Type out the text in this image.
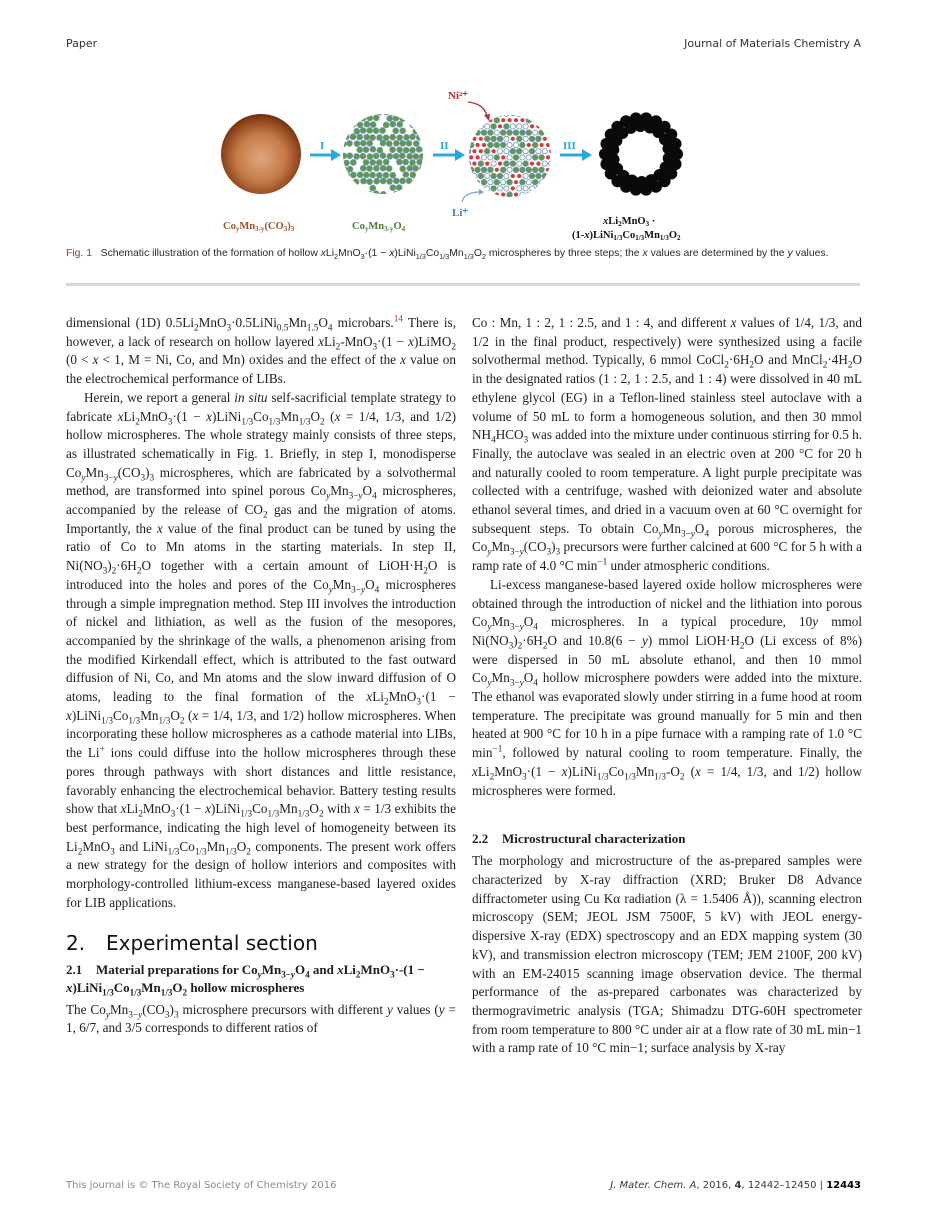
Paper	Journal of Materials Chemistry A
I	II
Ni²⁺
Li⁺
III
CoyMn3-y(CO3)3	CoyMn3-yO4
xLi2MnO3 ·
(1-x)LiNi1/3Co1/3Mn1/3O2
Fig. 1 Schematic illustration of the formation of hollow $xLi_2MnO_3\cdot(1 - x)LiNi_{1/3}Co_{1/3}Mn_{1/3}O_2$ microspheres by three steps; the x values are determined by the y values.

dimensional (1D) $0.5Li_2MnO_3\cdot 0.5LiNi_{0.5}Mn_{1.5}O_4$ microbars.$^{14}$ There is, however, a lack of research on hollow layered xLi$_2$-MnO$_3$·(1 − x)LiMO$_2$ (0 < x < 1, M = Ni, Co, and Mn) oxides and the effect of the x value on the electrochemical performance of LIBs.

Herein, we report a general in situ self-sacrificial template strategy to fabricate $xLi_2MnO_3\cdot(1 - x)LiNi_{1/3}Co_{1/3}Mn_{1/3}O_2$ (x = 1/4, 1/3, and 1/2) hollow microspheres. The whole strategy mainly consists of three steps, as illustrated schematically in Fig. 1. Briefly, in step I, monodisperse $Co_yMn_{3-y}(CO_3)_3$ microspheres, which are fabricated by a solvothermal method, are transformed into spinel porous $Co_yMn_{3-y}O_4$ microspheres, accompanied by the release of $CO_2$ gas and the migration of atoms. Importantly, the x value of the final product can be tuned by using the ratio of Co to Mn atoms in the starting materials. In step II, $Ni(NO_3)_2\cdot 6H_2O$ together with a certain amount of $LiOH\cdot H_2O$ is introduced into the holes and pores of the $Co_yMn_{3-y}O_4$ microspheres through a simple impregnation method. Step III involves the introduction of nickel and lithiation, as well as the fusion of the mesopores, accompanied by the shrinkage of the walls, a phenomenon arising from the modified Kirkendall effect, which is attributed to the fast outward diffusion of Ni, Co, and Mn atoms and the slow inward diffusion of O atoms, leading to the final formation of the $xLi_2MnO_3\cdot(1 - x)LiNi_{1/3}Co_{1/3}Mn_{1/3}O_2$ (x = 1/4, 1/3, and 1/2) hollow microspheres. When incorporating these hollow microspheres as a cathode material into LIBs, the Li+ ions could diffuse into the hollow microspheres through these pores through pathways with short distances and little resistance, favorably enhancing the electrochemical behavior. Battery testing results show that $xLi_2MnO_3\cdot(1 - x)LiNi_{1/3}Co_{1/3}Mn_{1/3}O_2$ with x = 1/3 exhibits the best performance, indicating the high level of homogeneity between its $Li_2MnO_3$ and $LiNi_{1/3}Co_{1/3}Mn_{1/3}O_2$ components. The present work offers a new strategy for the design of hollow interiors and composites with morphology-controlled lithium-excess manganese-based layered oxides for LIB applications.

2. Experimental section
2.1 Material preparations for $Co_yMn_{3-y}O_4$ and $xLi_2MnO_3\cdot-(1 - x)LiNi_{1/3}Co_{1/3}Mn_{1/3}O_2$ hollow microspheres

The $Co_yMn_{3-y}(CO_3)_3$ microsphere precursors with different y values (y = 1, 6/7, and 3/5 corresponds to different ratios of

Co : Mn, 1 : 2, 1 : 2.5, and 1 : 4, and different x values of 1/4, 1/3, and 1/2 in the final product, respectively) were synthesized using a facile solvothermal method. Typically, 6 mmol $CoCl_2\cdot 6H_2O$ and $MnCl_2\cdot 4H_2O$ in the designated ratios (1 : 2, 1 : 2.5, and 1 : 4) were dissolved in 40 mL ethylene glycol (EG) in a Teflon-lined stainless steel autoclave with a volume of 50 mL to form a homogeneous solution, and then 30 mmol $NH_4HCO_3$ was added into the mixture under continuous stirring for 0.5 h. Finally, the autoclave was sealed in an electric oven at 200 °C for 20 h and naturally cooled to room temperature. A light purple precipitate was collected with a centrifuge, washed with deionized water and absolute ethanol several times, and dried in a vacuum oven at 60 °C overnight for subsequent steps. To obtain $Co_yMn_{3-y}O_4$ porous microspheres, the $Co_yMn_{3-y}(CO_3)_3$ precursors were further calcined at 600 °C for 5 h with a ramp rate of 4.0 °C $\min^{-1}$ under atmospheric conditions.

Li-excess manganese-based layered oxide hollow microspheres were obtained through the introduction of nickel and the lithiation into porous $Co_yMn_{3-y}O_4$ microspheres. In a typical procedure, 10y mmol $Ni(NO_3)_2\cdot 6H_2O$ and 10.8(6 − y) mmol $LiOH\cdot H_2O$ (Li excess of 8%) were dispersed in 50 mL absolute ethanol, and then 10 mmol $Co_yMn_{3-y}O_4$ hollow microsphere powders were added into the mixture. The ethanol was evaporated slowly under stirring in a fume hood at room temperature. The precipitate was ground manually for 5 min and then heated at 900 °C for 10 h in a pipe furnace with a ramping rate of 1.0 °C $\min^{-1}$, followed by natural cooling to room temperature. Finally, the $xLi_2MnO_3\cdot(1 - x)LiNi_{1/3}Co_{1/3}Mn_{1/3}-O_2$ (x = 1/4, 1/3, and 1/2) hollow microspheres were formed.

2.2 Microstructural characterization

The morphology and microstructure of the as-prepared samples were characterized by X-ray diffraction (XRD; Bruker D8 Advance diffractometer using Cu Kα radiation (λ = 1.5406 Å)), scanning electron microscopy (SEM; JEOL JSM 7500F, 5 kV) with JEOL energy-dispersive X-ray (EDX) spectroscopy and an EDX mapping system (30 kV), and transmission electron microscopy (TEM; JEM 2100F, 200 kV) with an EM-24015 scanning image observation device. The thermal performance of the as-prepared carbonates was characterized by thermogravimetric analysis (TGA; Shimadzu DTG-60H spectrometer from room temperature to 800 °C under air at a flow rate of 30 mL min−1 with a ramp rate of 10 °C min−1; surface analysis by X-ray

This journal is © The Royal Society of Chemistry 2016	J. Mater. Chem. A, 2016, 4, 12442–12450 | 12443
